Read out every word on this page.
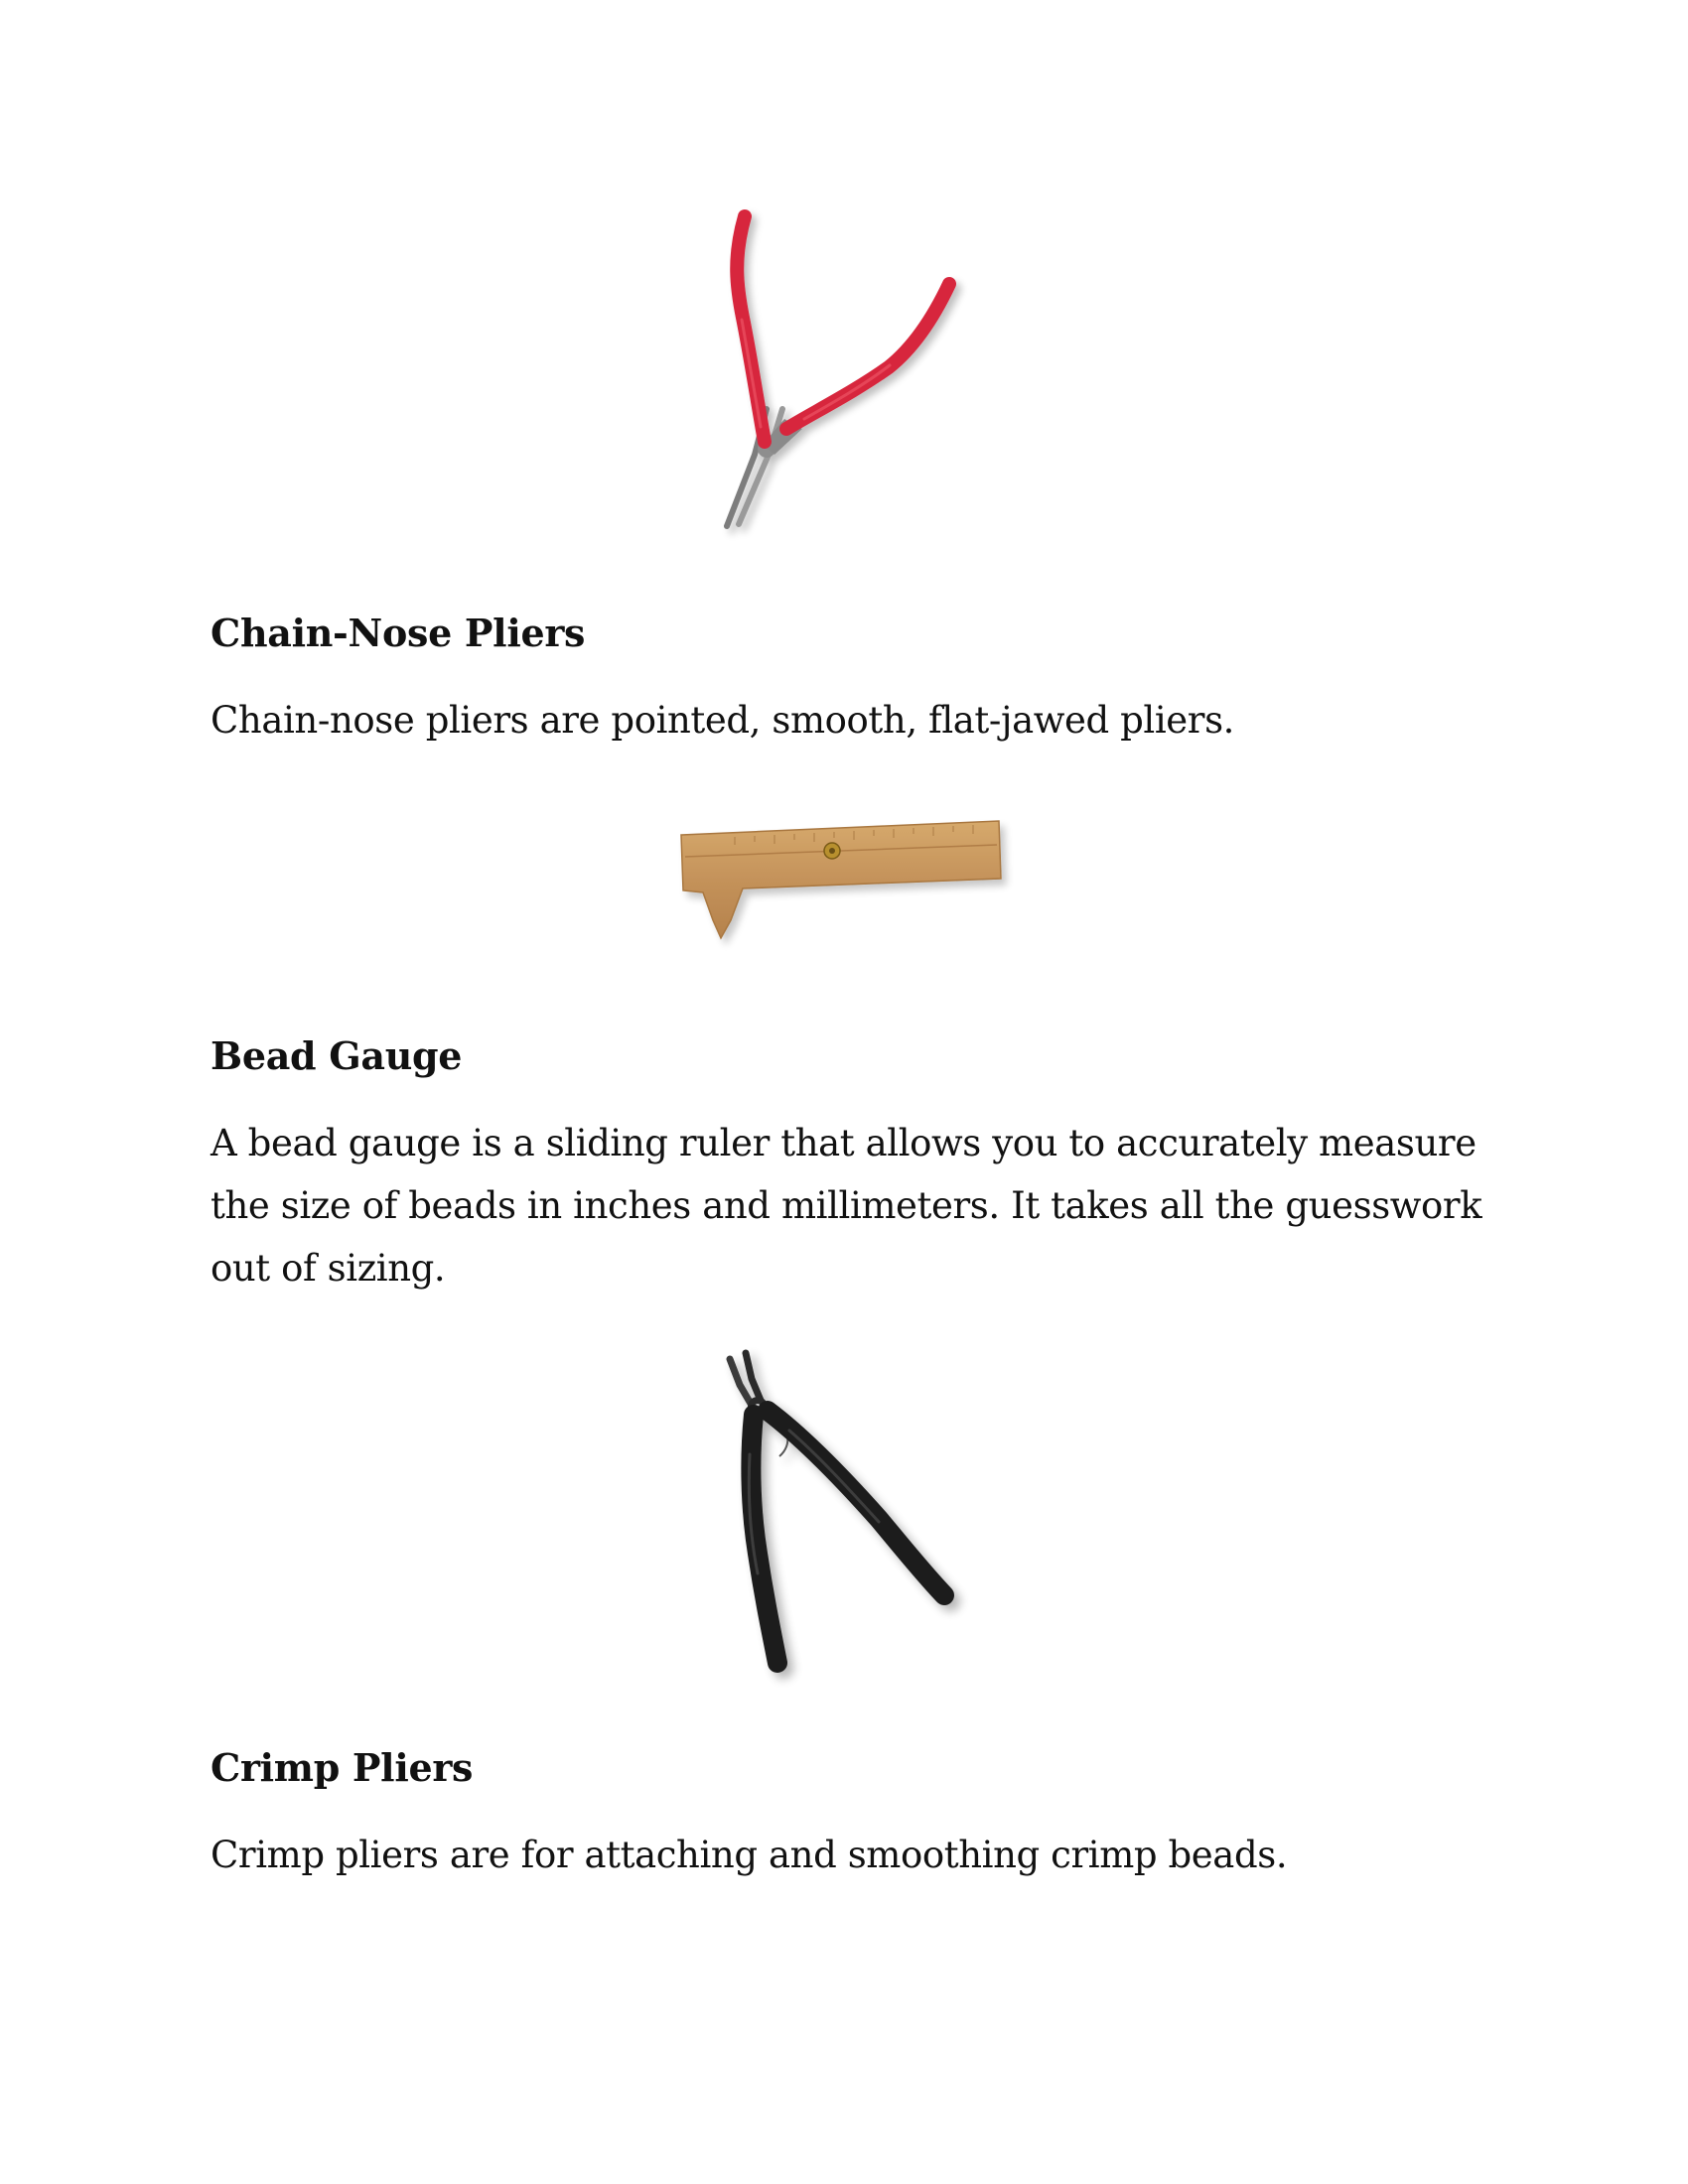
Chain-Nose Pliers

Chain-nose pliers are pointed, smooth, flat-jawed pliers.

Bead Gauge

A bead gauge is a sliding ruler that allows you to accurately measure the size of beads in inches and millimeters. It takes all the guesswork out of sizing.

Crimp Pliers

Crimp pliers are for attaching and smoothing crimp beads.
